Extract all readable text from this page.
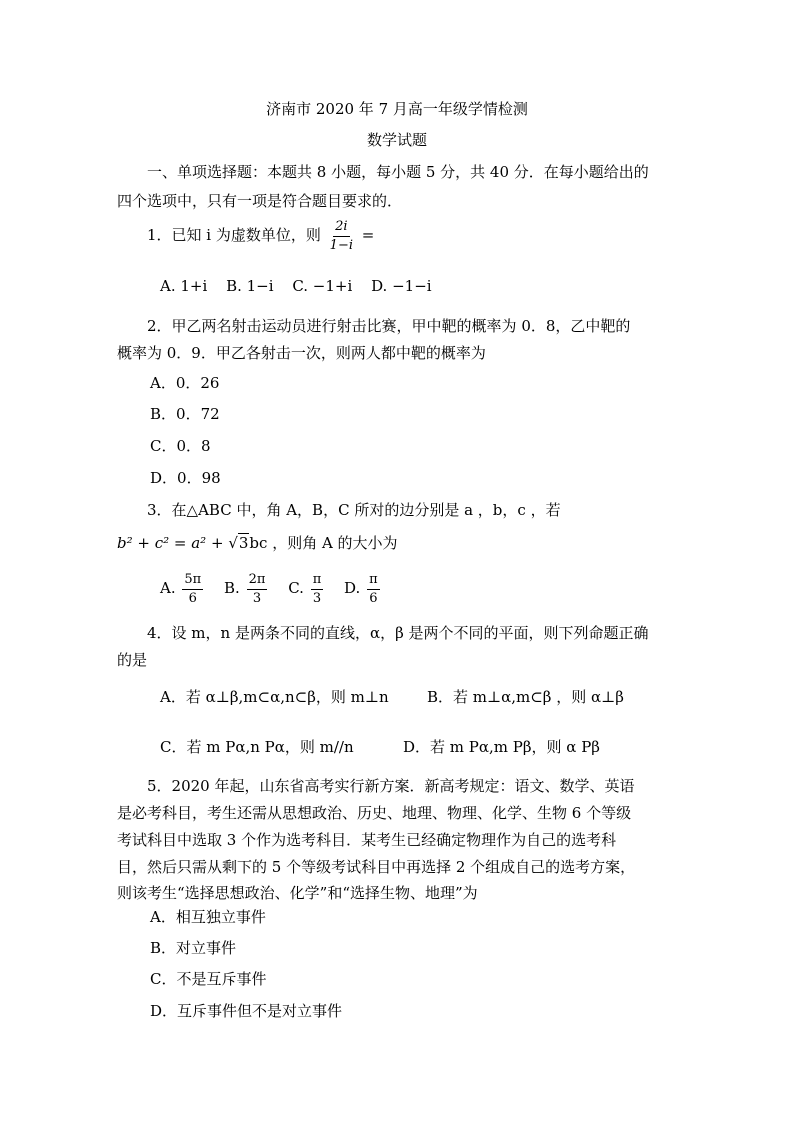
济南市 2020 年 7 月高一年级学情检测
数学试题
一、单项选择题：本题共 8 小题，每小题 5 分，共 40 分．在每小题给出的
四个选项中，只有一项是符合题目要求的．
1．已知 i 为虚数单位，则 $\frac{2i}{1-i}$ =
A. 1+i B. 1−i C. −1+i D. −1−i
2．甲乙两名射击运动员进行射击比赛，甲中靶的概率为 0．8，乙中靶的
概率为 0．9．甲乙各射击一次，则两人都中靶的概率为
A．0．26
B．0．72
C．0．8
D．0．98
3．在△ABC 中，角 A，B，C 所对的边分别是 a ，b，c ，若
b² + c² = a² + √3bc ，则角 A 的大小为
A. $\frac{5\pi}{6} B$. $\frac{2\pi}{3} C$. $\frac{\pi}{3} D$. $\frac{\pi}{6}$
4．设 m，n 是两条不同的直线，α，β 是两个不同的平面，则下列命题正确
的是
A．若 α⊥β,m⊂α,n⊂β，则 m⊥n	B．若 m⊥α,m⊂β ，则 α⊥β
C．若 m Pα,n Pα，则 m//n	D．若 m Pα,m Pβ，则 α Pβ
5．2020 年起，山东省高考实行新方案．新高考规定：语文、数学、英语
是必考科目，考生还需从思想政治、历史、地理、物理、化学、生物 6 个等级
考试科目中选取 3 个作为选考科目．某考生已经确定物理作为自己的选考科
目，然后只需从剩下的 5 个等级考试科目中再选择 2 个组成自己的选考方案，
则该考生“选择思想政治、化学”和“选择生物、地理”为
A．相互独立事件
B．对立事件
C．不是互斥事件
D．互斥事件但不是对立事件
